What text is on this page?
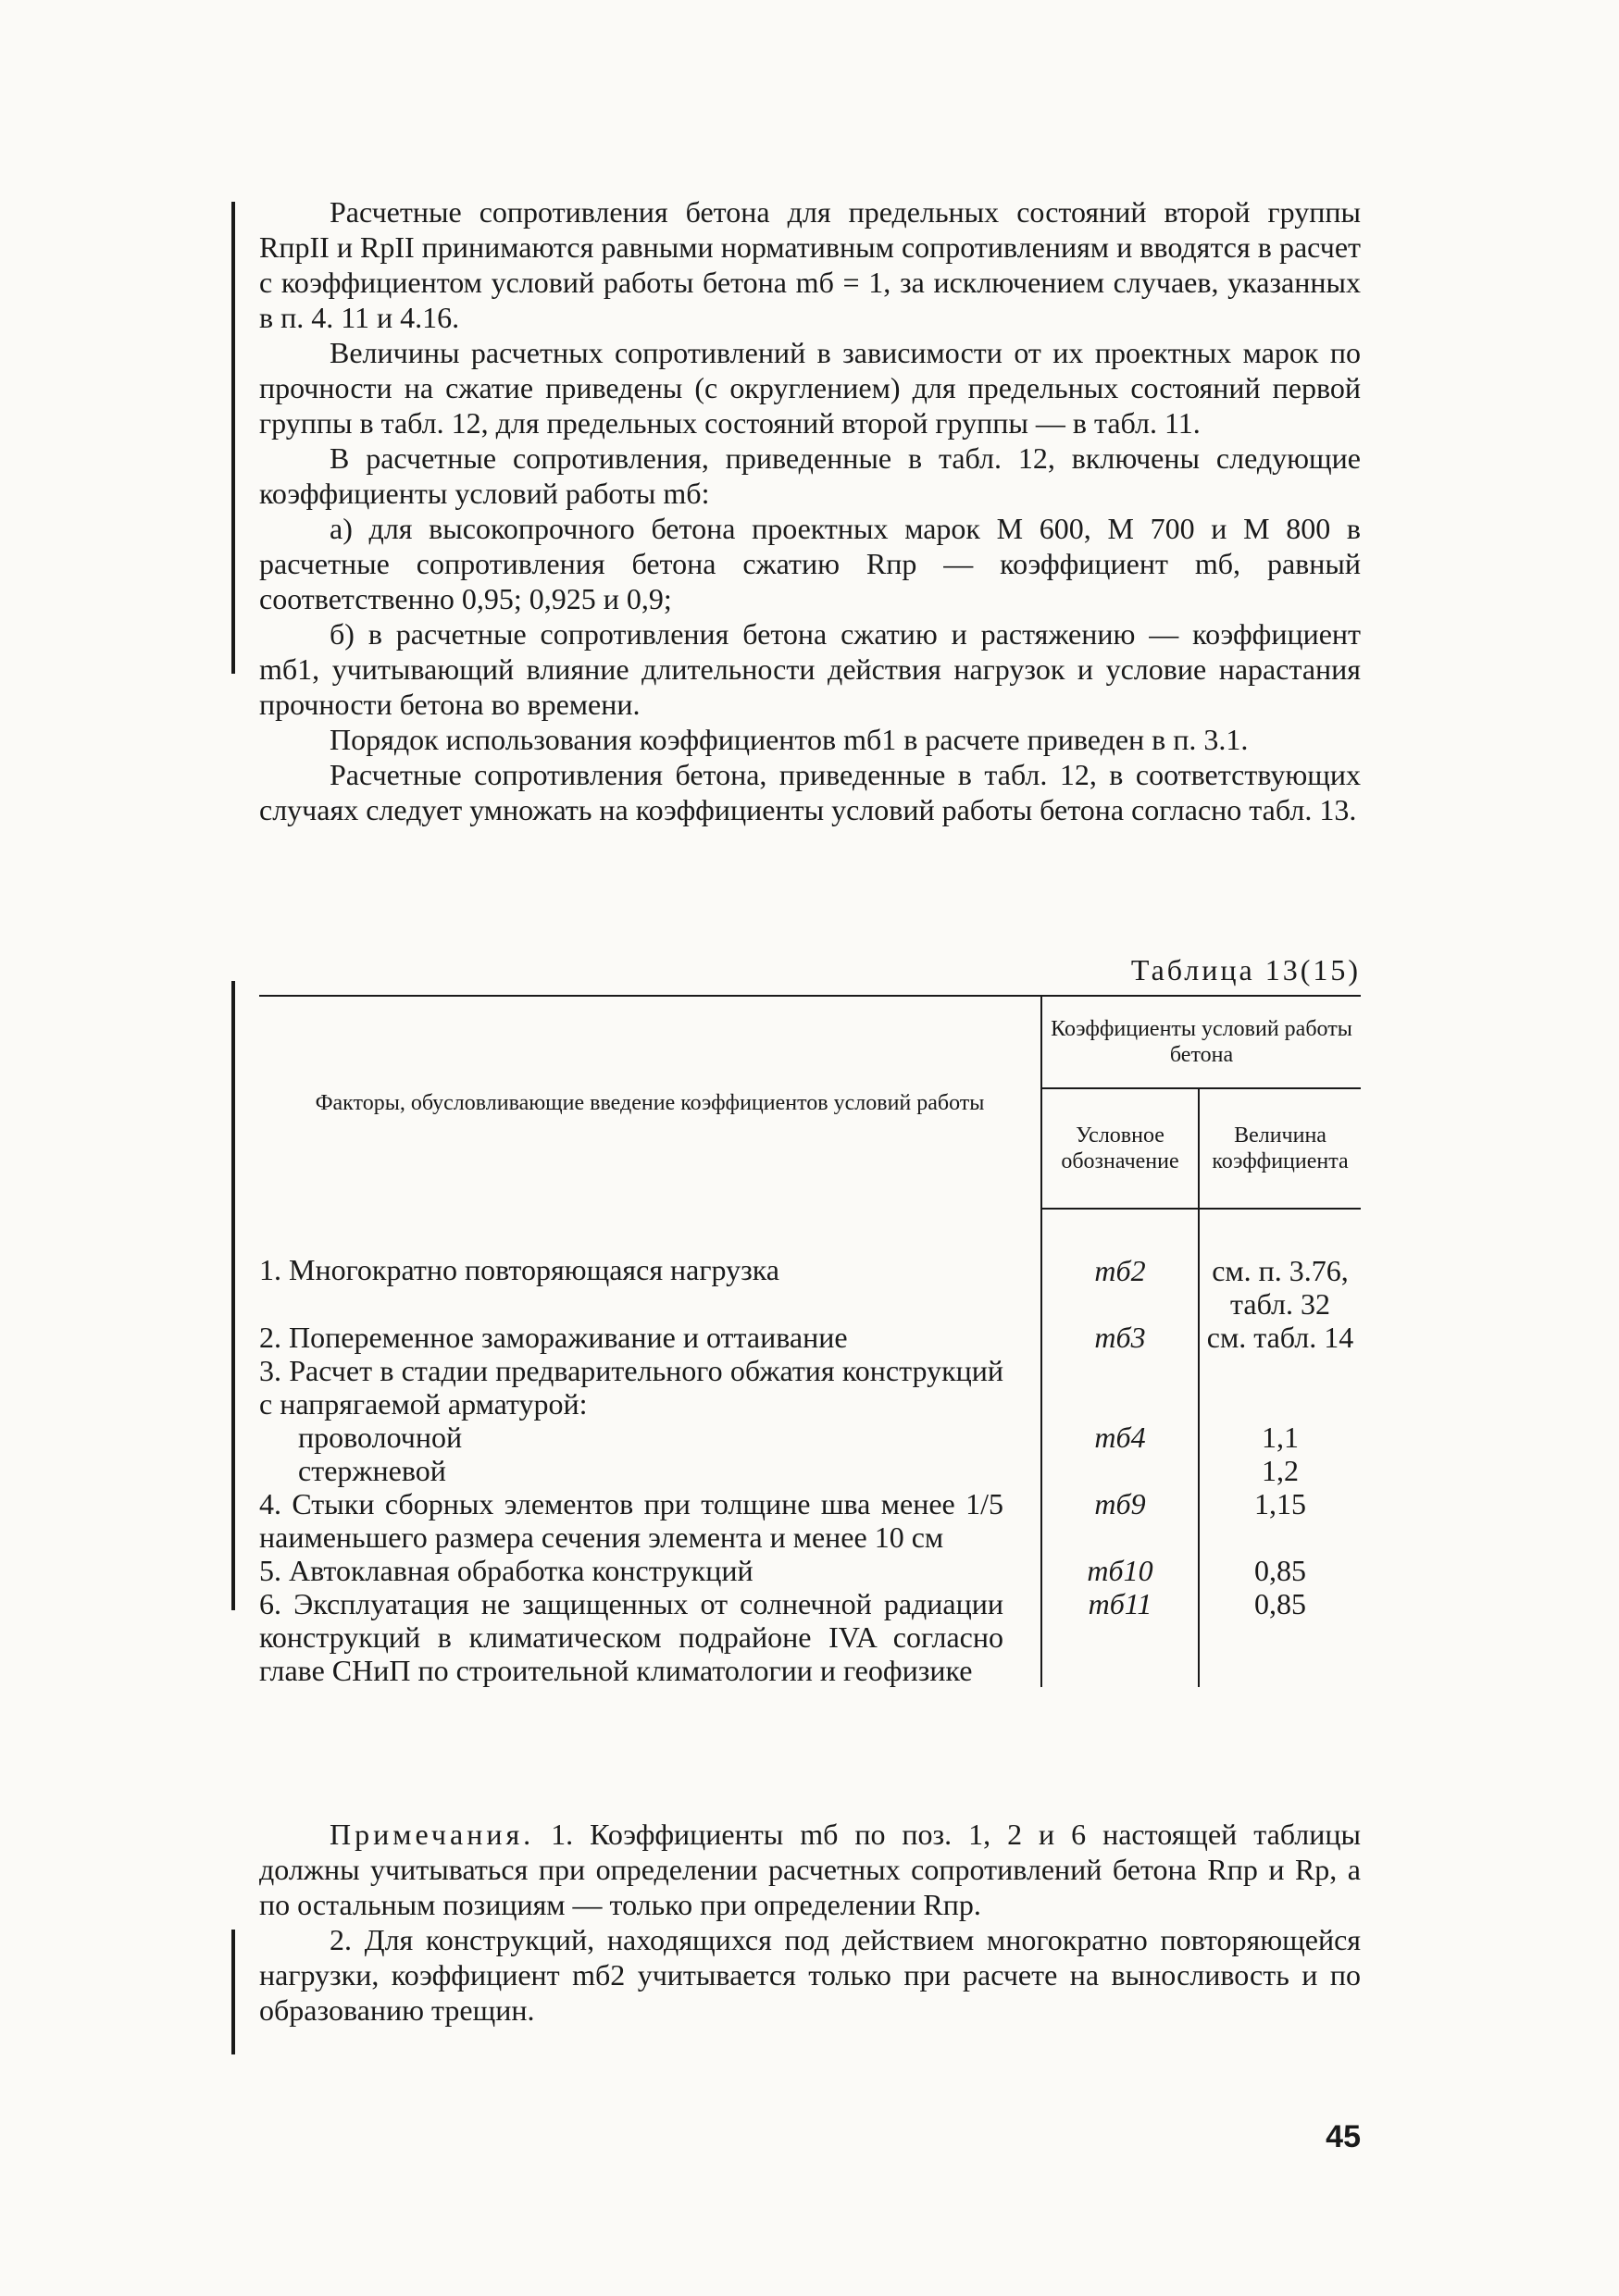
Расчетные сопротивления бетона для предельных состояний второй группы RпрII и RpII принимаются равными нормативным сопротивлениям и вводятся в расчет с коэффициентом условий работы бетона mб = 1, за исключением случаев, указанных в п. 4. 11 и 4.16.

Величины расчетных сопротивлений в зависимости от их проектных марок по прочности на сжатие приведены (с округлением) для предельных состояний первой группы в табл. 12, для предельных состояний второй группы — в табл. 11.

В расчетные сопротивления, приведенные в табл. 12, включены следующие коэффициенты условий работы mб:

а) для высокопрочного бетона проектных марок М 600, М 700 и М 800 в расчетные сопротивления бетона сжатию Rпр — коэффициент mб, равный соответственно 0,95; 0,925 и 0,9;

б) в расчетные сопротивления бетона сжатию и растяжению — коэффициент mб1, учитывающий влияние длительности действия нагрузок и условие нарастания прочности бетона во времени.

Порядок использования коэффициентов mб1 в расчете приведен в п. 3.1.

Расчетные сопротивления бетона, приведенные в табл. 12, в соответствующих случаях следует умножать на коэффициенты условий работы бетона согласно табл. 13.

Таблица 13(15)
Факторы, обусловливающие введение коэффициентов условий работы	Коэффициенты условий работы бетона	
	Условное обозначение	Величина коэффициента
1. Многократно повторяющаяся нагрузка	mб2	см. п. 3.76, табл. 32
2. Попеременное замораживание и оттаивание	mб3	см. табл. 14
3. Расчет в стадии предварительного обжатия конструкций с напрягаемой арматурой:		
проволочной	mб4	1,1
стержневой		1,2
4. Стыки сборных элементов при толщине шва менее 1/5 наименьшего размера сечения элемента и менее 10 см	mб9	1,15
5. Автоклавная обработка конструкций	mб10	0,85
6. Эксплуатация не защищенных от солнечной радиации конструкций в климатическом подрайоне IVA согласно главе СНиП по строительной климатологии и геофизике	mб11	0,85

Примечания. 1. Коэффициенты mб по поз. 1, 2 и 6 настоящей таблицы должны учитываться при определении расчетных сопротивлений бетона Rпр и Rр, а по остальным позициям — только при определении Rпр.

2. Для конструкций, находящихся под действием многократно повторяющейся нагрузки, коэффициент mб2 учитывается только при расчете на выносливость и по образованию трещин.

45
